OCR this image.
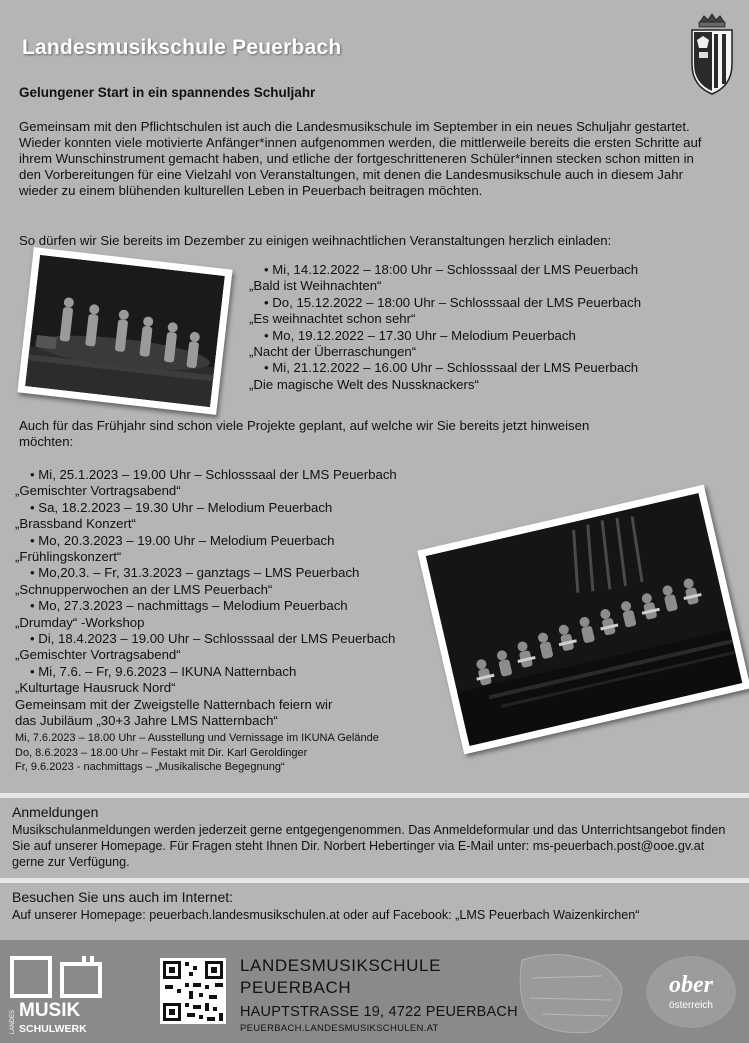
Landesmusikschule Peuerbach
Gelungener Start in ein spannendes Schuljahr
Gemeinsam mit den Pflichtschulen ist auch die Landesmusikschule im September in ein neues Schuljahr gestartet. Wieder konnten viele motivierte Anfänger*innen aufgenommen werden, die mittlerweile bereits die ersten Schritte auf ihrem Wunschinstrument gemacht haben, und etliche der fortgeschritteneren Schüler*innen stecken schon mitten in den Vorbereitungen für eine Vielzahl von Veranstaltungen, mit denen die Landesmusikschule auch in diesem Jahr wieder zu einem blühenden kulturellen Leben in Peuerbach beitragen möchten.
So dürfen wir Sie bereits im Dezember zu einigen weihnachtlichen Veranstaltungen herzlich einladen:
• Mi, 14.12.2022 – 18:00 Uhr – Schlosssaal der LMS Peuerbach
„Bald ist Weihnachten“
• Do, 15.12.2022 – 18:00 Uhr – Schlosssaal der LMS Peuerbach
„Es weihnachtet schon sehr“
• Mo, 19.12.2022 – 17.30 Uhr – Melodium Peuerbach
„Nacht der Überraschungen“
• Mi, 21.12.2022 – 16.00 Uhr – Schlosssaal der LMS Peuerbach
„Die magische Welt des Nussknackers“
Auch für das Frühjahr sind schon viele Projekte geplant, auf welche wir Sie bereits jetzt hinweisen möchten:
• Mi, 25.1.2023 – 19.00 Uhr – Schlosssaal der LMS Peuerbach
„Gemischter Vortragsabend“
• Sa, 18.2.2023 – 19.30 Uhr – Melodium Peuerbach
„Brassband Konzert“
• Mo, 20.3.2023 – 19.00 Uhr – Melodium Peuerbach
„Frühlingskonzert“
• Mo,20.3. – Fr, 31.3.2023 – ganztags – LMS Peuerbach
„Schnupperwochen an der LMS Peuerbach“
• Mo, 27.3.2023 – nachmittags – Melodium Peuerbach
„Drumday“ -Workshop
• Di, 18.4.2023 – 19.00 Uhr – Schlosssaal der LMS Peuerbach
„Gemischter Vortragsabend“
• Mi, 7.6. – Fr, 9.6.2023 – IKUNA Natternbach
„Kulturtage Hausruck Nord“
Gemeinsam mit der Zweigstelle Natternbach feiern wir
das Jubiläum „30+3 Jahre LMS Natternbach“
Mi, 7.6.2023 – 18.00 Uhr – Ausstellung und Vernissage im IKUNA Gelände
Do, 8.6.2023 – 18.00 Uhr – Festakt mit Dir. Karl Geroldinger
Fr, 9.6.2023 - nachmittags – „Musikalische Begegnung“
Anmeldungen
Musikschulanmeldungen werden jederzeit gerne entgegengenommen. Das Anmeldeformular und das Unterrichtsangebot finden Sie auf unserer Homepage. Für Fragen steht Ihnen Dir. Norbert Hebertinger via E-Mail unter: ms-peuerbach.post@ooe.gv.at gerne zur Verfügung.
Besuchen Sie uns auch im Internet:
Auf unserer Homepage: peuerbach.landesmusikschulen.at oder auf Facebook: „LMS Peuerbach Waizenkirchen“
MUSIK
SCHULWERK
LANDES
LANDESMUSIKSCHULE
PEUERBACH
HAUPTSTRASSE 19, 4722 PEUERBACH
PEUERBACH.LANDESMUSIKSCHULEN.AT
ober
österreich
